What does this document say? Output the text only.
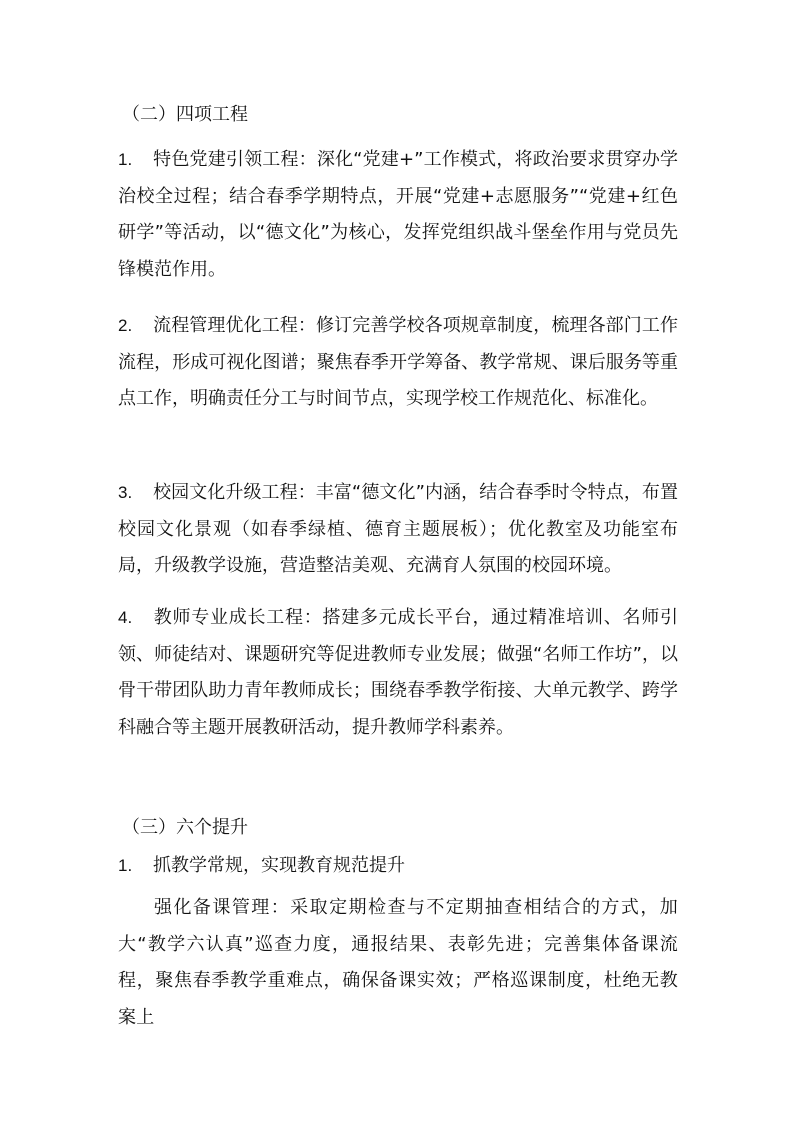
（二）四项工程
1. 特色党建引领工程：深化“党建+”工作模式，将政治要求贯穿办学治校全过程；结合春季学期特点，开展“党建+志愿服务”“党建+红色研学”等活动，以“德文化”为核心，发挥党组织战斗堡垒作用与党员先锋模范作用。
2. 流程管理优化工程：修订完善学校各项规章制度，梳理各部门工作流程，形成可视化图谱；聚焦春季开学筹备、教学常规、课后服务等重点工作，明确责任分工与时间节点，实现学校工作规范化、标准化。
3. 校园文化升级工程：丰富“德文化”内涵，结合春季时令特点，布置校园文化景观（如春季绿植、德育主题展板）；优化教室及功能室布局，升级教学设施，营造整洁美观、充满育人氛围的校园环境。
4. 教师专业成长工程：搭建多元成长平台，通过精准培训、名师引领、师徒结对、课题研究等促进教师专业发展；做强“名师工作坊”，以骨干带团队助力青年教师成长；围绕春季教学衔接、大单元教学、跨学科融合等主题开展教研活动，提升教师学科素养。
（三）六个提升
1. 抓教学常规，实现教育规范提升
强化备课管理：采取定期检查与不定期抽查相结合的方式，加大“教学六认真”巡查力度，通报结果、表彰先进；完善集体备课流程，聚焦春季教学重难点，确保备课实效；严格巡课制度，杜绝无教案上
